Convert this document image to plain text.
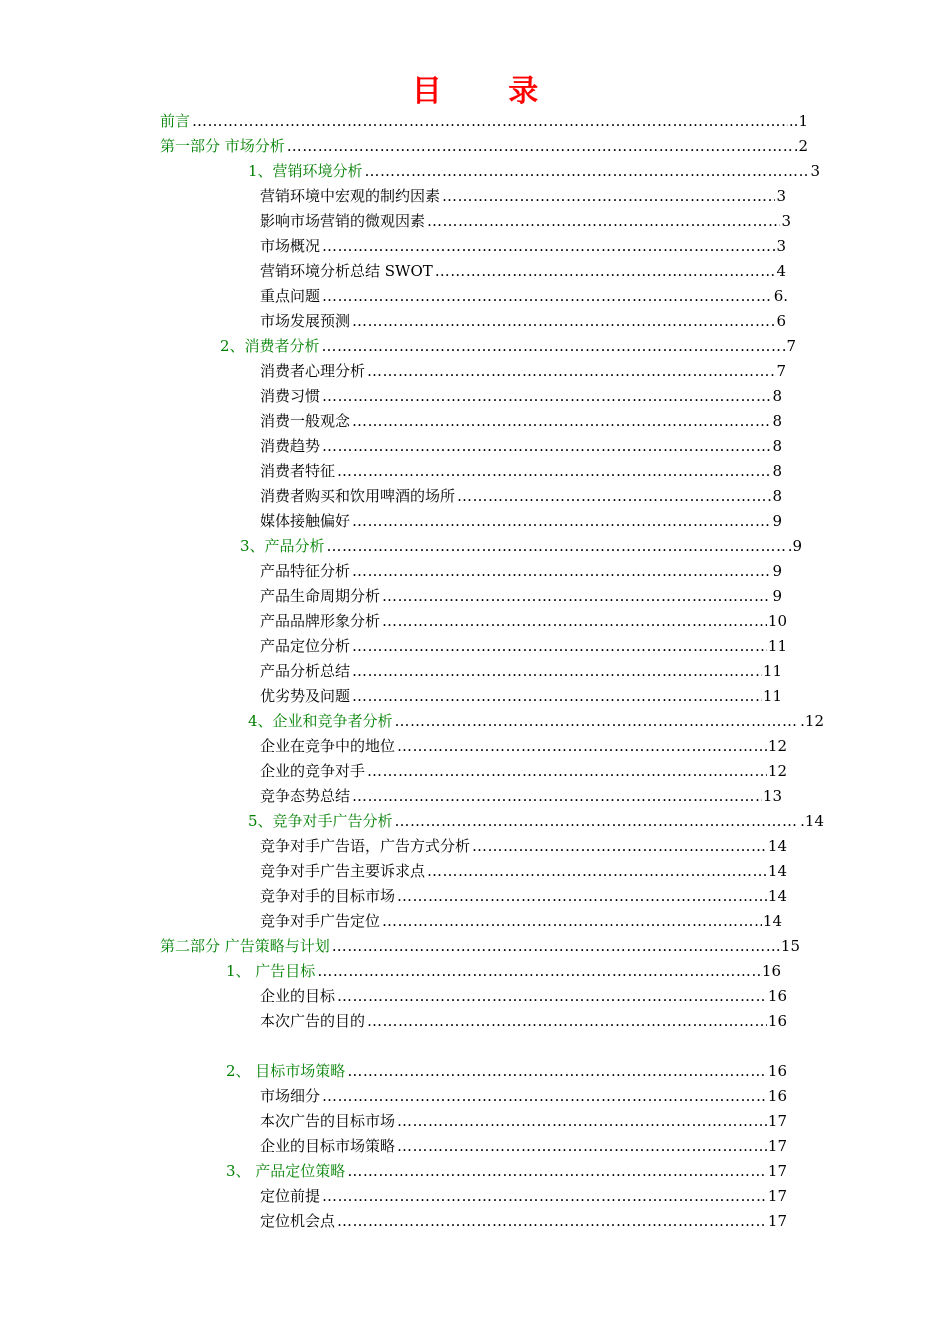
目 录
前言 ………………………………………………………………………………………………………………………………………………………………………………………………………………………………	..1
第一部分 市场分析 ………………………………………………………………………………………………………………………………………………………………………………………………………………………………	.2
1、营销环境分析 ………………………………………………………………………………………………………………………………………………………………………………………………………………………………	3
营销环境中宏观的制约因素 ………………………………………………………………………………………………………………………………………………………………………………………………………………………………	3
影响市场营销的微观因素 ………………………………………………………………………………………………………………………………………………………………………………………………………………………………	3
市场概况 ………………………………………………………………………………………………………………………………………………………………………………………………………………………………	3
营销环境分析总结 SWOT ………………………………………………………………………………………………………………………………………………………………………………………………………………………………	4
重点问题 ………………………………………………………………………………………………………………………………………………………………………………………………………………………………	6.
市场发展预测 ………………………………………………………………………………………………………………………………………………………………………………………………………………………………	6
2、消费者分析 ………………………………………………………………………………………………………………………………………………………………………………………………………………………………	.7
消费者心理分析 ………………………………………………………………………………………………………………………………………………………………………………………………………………………………	7
消费习惯 ………………………………………………………………………………………………………………………………………………………………………………………………………………………………	8
消费一般观念 ………………………………………………………………………………………………………………………………………………………………………………………………………………………………	8
消费趋势 ………………………………………………………………………………………………………………………………………………………………………………………………………………………………	8
消费者特征 ………………………………………………………………………………………………………………………………………………………………………………………………………………………………	8
消费者购买和饮用啤酒的场所 ………………………………………………………………………………………………………………………………………………………………………………………………………………………………	8
媒体接触偏好 ………………………………………………………………………………………………………………………………………………………………………………………………………………………………	9
3、产品分析 ………………………………………………………………………………………………………………………………………………………………………………………………………………………………	.9
产品特征分析 ………………………………………………………………………………………………………………………………………………………………………………………………………………………………	9
产品生命周期分析 ………………………………………………………………………………………………………………………………………………………………………………………………………………………………	9
产品品牌形象分析 ………………………………………………………………………………………………………………………………………………………………………………………………………………………………	10
产品定位分析 ………………………………………………………………………………………………………………………………………………………………………………………………………………………………	11
产品分析总结 ………………………………………………………………………………………………………………………………………………………………………………………………………………………………	11
优劣势及问题 ………………………………………………………………………………………………………………………………………………………………………………………………………………………………	11
4、企业和竞争者分析 ………………………………………………………………………………………………………………………………………………………………………………………………………………………………	.12
企业在竞争中的地位 ………………………………………………………………………………………………………………………………………………………………………………………………………………………………	12
企业的竞争对手 ………………………………………………………………………………………………………………………………………………………………………………………………………………………………	12
竞争态势总结 ………………………………………………………………………………………………………………………………………………………………………………………………………………………………	13
5、竞争对手广告分析 ………………………………………………………………………………………………………………………………………………………………………………………………………………………………	.14
竞争对手广告语，广告方式分析 ………………………………………………………………………………………………………………………………………………………………………………………………………………………………	14
竞争对手广告主要诉求点 ………………………………………………………………………………………………………………………………………………………………………………………………………………………………	14
竞争对手的目标市场 ………………………………………………………………………………………………………………………………………………………………………………………………………………………………	14
竞争对手广告定位 ………………………………………………………………………………………………………………………………………………………………………………………………………………………………	14
第二部分 广告策略与计划 ………………………………………………………………………………………………………………………………………………………………………………………………………………………………	15
1、 广告目标 ………………………………………………………………………………………………………………………………………………………………………………………………………………………………	16
企业的目标 ………………………………………………………………………………………………………………………………………………………………………………………………………………………………	16
本次广告的目的 ………………………………………………………………………………………………………………………………………………………………………………………………………………………………	16
2、 目标市场策略 ………………………………………………………………………………………………………………………………………………………………………………………………………………………………	16
市场细分 ………………………………………………………………………………………………………………………………………………………………………………………………………………………………	16
本次广告的目标市场 ………………………………………………………………………………………………………………………………………………………………………………………………………………………………	17
企业的目标市场策略 ………………………………………………………………………………………………………………………………………………………………………………………………………………………………	17
3、 产品定位策略 ………………………………………………………………………………………………………………………………………………………………………………………………………………………………	17
定位前提 ………………………………………………………………………………………………………………………………………………………………………………………………………………………………	17
定位机会点 ………………………………………………………………………………………………………………………………………………………………………………………………………………………………	17
